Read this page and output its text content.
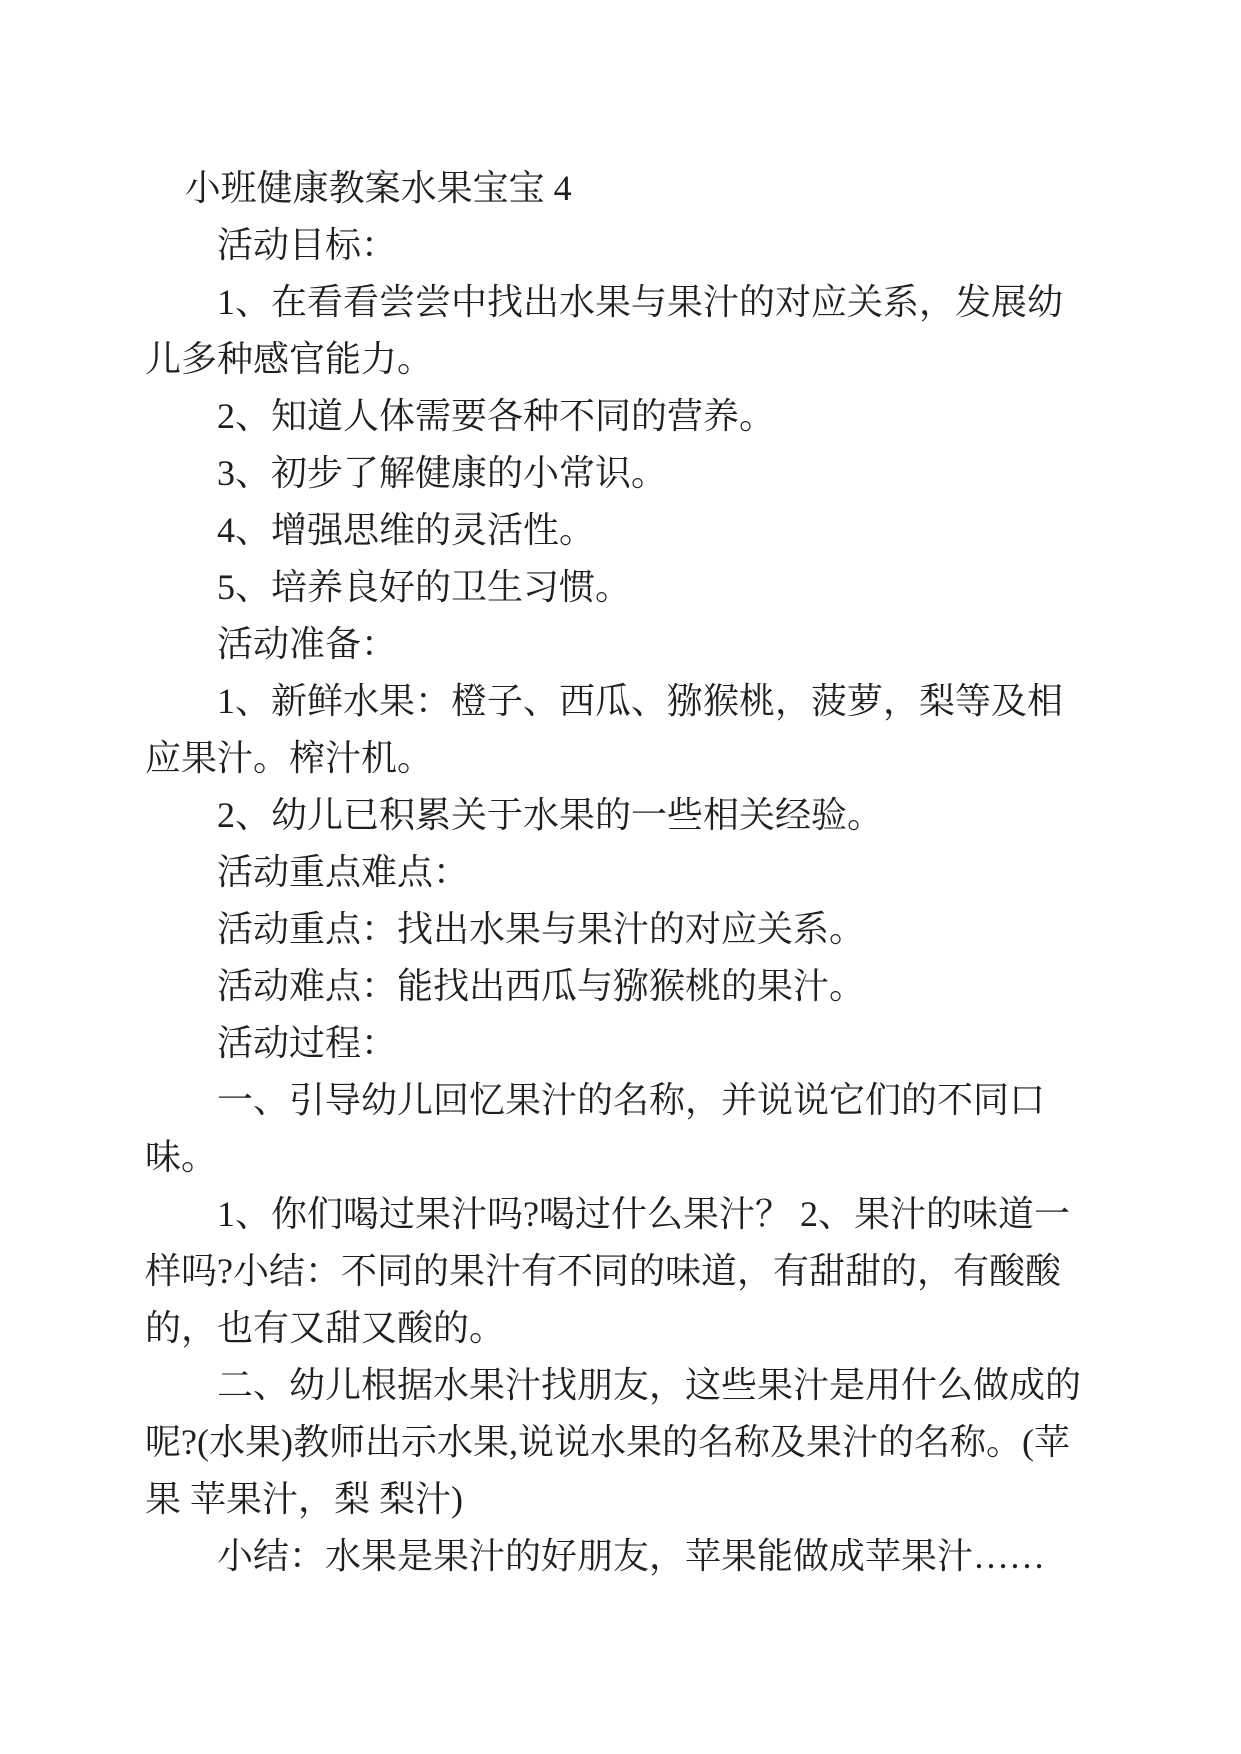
小班健康教案水果宝宝 4

活动目标：

1、在看看尝尝中找出水果与果汁的对应关系，发展幼儿多种感官能力。

2、知道人体需要各种不同的营养。

3、初步了解健康的小常识。

4、增强思维的灵活性。

5、培养良好的卫生习惯。

活动准备：

1、新鲜水果：橙子、西瓜、猕猴桃，菠萝，梨等及相应果汁。榨汁机。

2、幼儿已积累关于水果的一些相关经验。

活动重点难点：

活动重点：找出水果与果汁的对应关系。

活动难点：能找出西瓜与猕猴桃的果汁。

活动过程：

一、引导幼儿回忆果汁的名称，并说说它们的不同口味。

1、你们喝过果汁吗?喝过什么果汁？ 2、果汁的味道一样吗?小结：不同的果汁有不同的味道，有甜甜的，有酸酸的，也有又甜又酸的。

二、幼儿根据水果汁找朋友，这些果汁是用什么做成的呢?(水果)教师出示水果,说说水果的名称及果汁的名称。(苹果 苹果汁，梨 梨汁)

小结：水果是果汁的好朋友，苹果能做成苹果汁……
